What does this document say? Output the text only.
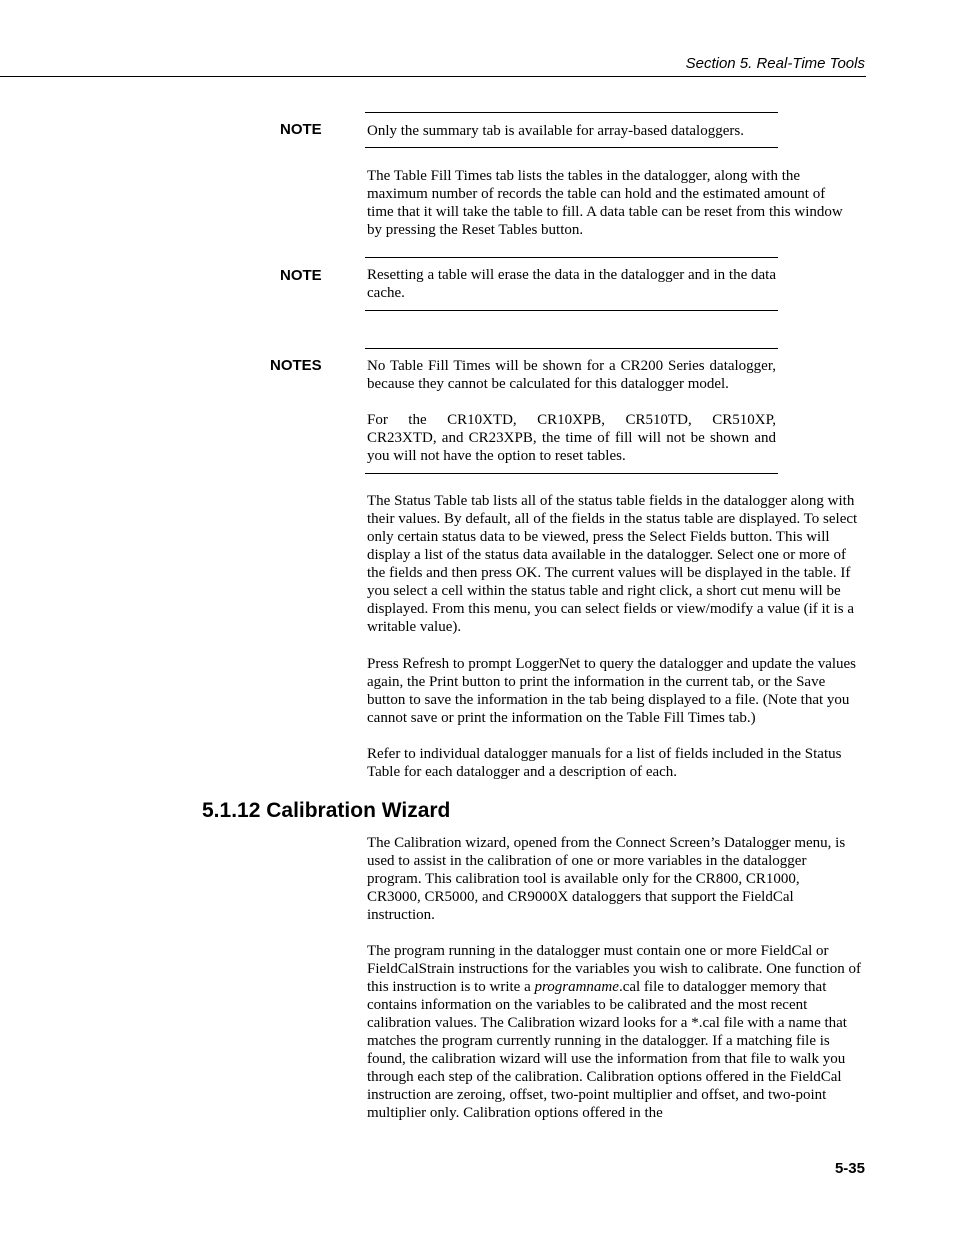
Section 5. Real-Time Tools
NOTE	Only the summary tab is available for array-based dataloggers.

The Table Fill Times tab lists the tables in the datalogger, along with the maximum number of records the table can hold and the estimated amount of time that it will take the table to fill. A data table can be reset from this window by pressing the Reset Tables button.

NOTE	Resetting a table will erase the data in the datalogger and in the data cache.

NOTES	No Table Fill Times will be shown for a CR200 Series datalogger, because they cannot be calculated for this datalogger model.

For the CR10XTD, CR10XPB, CR510TD, CR510XP,

CR23XTD, and CR23XPB, the time of fill will not be shown and you will not have the option to reset tables.

The Status Table tab lists all of the status table fields in the datalogger along with their values. By default, all of the fields in the status table are displayed. To select only certain status data to be viewed, press the Select Fields button. This will display a list of the status data available in the datalogger. Select one or more of the fields and then press OK. The current values will be displayed in the table. If you select a cell within the status table and right click, a short cut menu will be displayed. From this menu, you can select fields or view/modify a value (if it is a writable value).

Press Refresh to prompt LoggerNet to query the datalogger and update the values again, the Print button to print the information in the current tab, or the Save button to save the information in the tab being displayed to a file. (Note that you cannot save or print the information on the Table Fill Times tab.)

Refer to individual datalogger manuals for a list of fields included in the Status Table for each datalogger and a description of each.

5.1.12 Calibration Wizard

The Calibration wizard, opened from the Connect Screen’s Datalogger menu, is used to assist in the calibration of one or more variables in the datalogger program. This calibration tool is available only for the CR800, CR1000, CR3000, CR5000, and CR9000X dataloggers that support the FieldCal instruction.

The program running in the datalogger must contain one or more FieldCal or FieldCalStrain instructions for the variables you wish to calibrate. One function of this instruction is to write a programname.cal file to datalogger memory that contains information on the variables to be calibrated and the most recent calibration values. The Calibration wizard looks for a *.cal file with a name that matches the program currently running in the datalogger. If a matching file is found, the calibration wizard will use the information from that file to walk you through each step of the calibration. Calibration options offered in the FieldCal instruction are zeroing, offset, two-point multiplier and offset, and two-point multiplier only. Calibration options offered in the

5-35
